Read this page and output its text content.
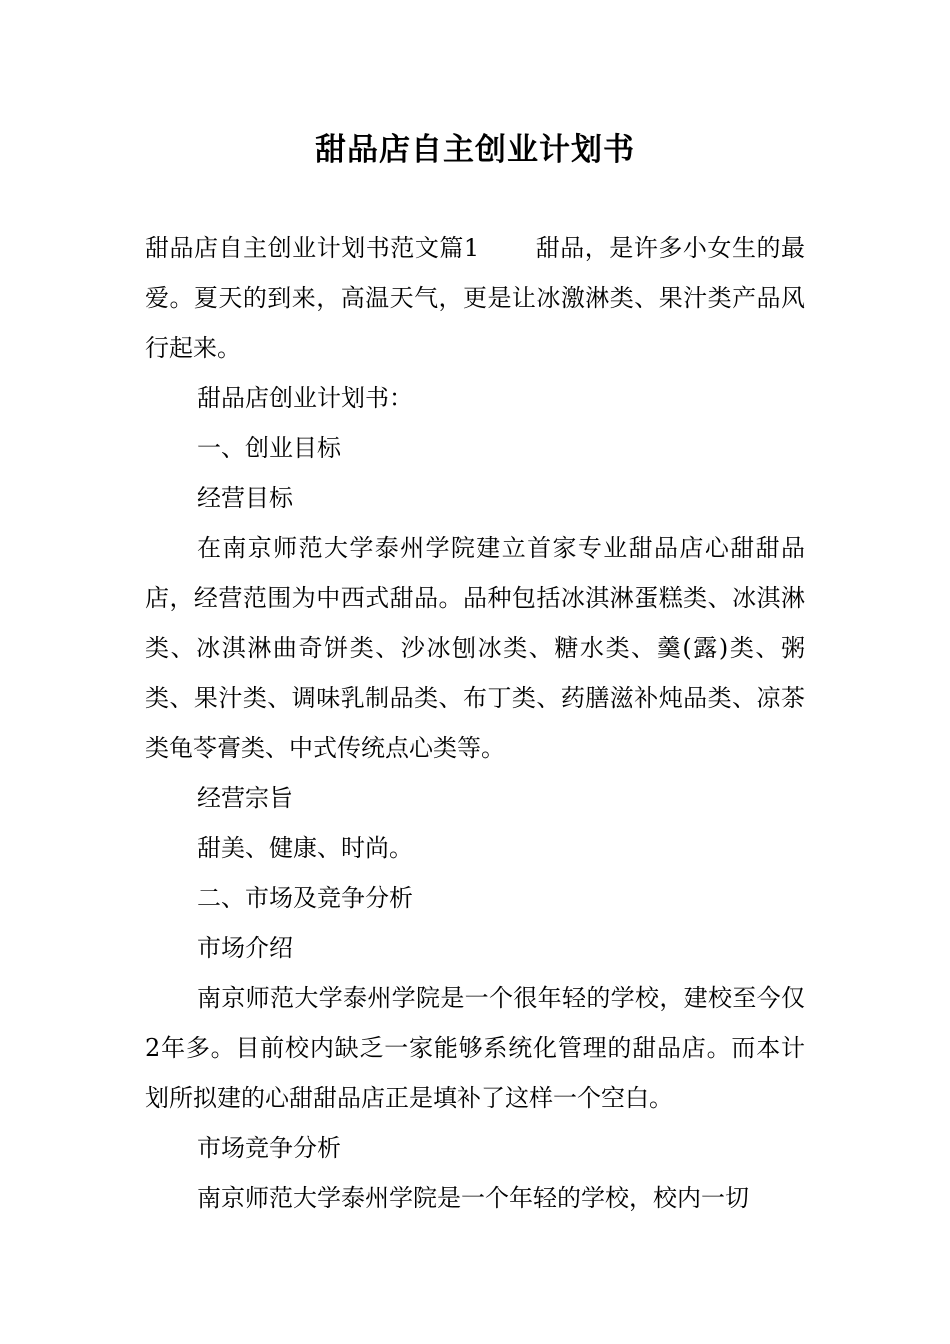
甜品店自主创业计划书

甜品店自主创业计划书范文篇1 甜品，是许多小女生的最爱。夏天的到来，高温天气，更是让冰激淋类、果汁类产品风行起来。

甜品店创业计划书：

一、创业目标

经营目标

在南京师范大学泰州学院建立首家专业甜品店心甜甜品店，经营范围为中西式甜品。品种包括冰淇淋蛋糕类、冰淇淋类、冰淇淋曲奇饼类、沙冰刨冰类、糖水类、羹(露)类、粥类、果汁类、调味乳制品类、布丁类、药膳滋补炖品类、凉茶类龟苓膏类、中式传统点心类等。

经营宗旨

甜美、健康、时尚。

二、市场及竞争分析

市场介绍

南京师范大学泰州学院是一个很年轻的学校，建校至今仅2年多。目前校内缺乏一家能够系统化管理的甜品店。而本计划所拟建的心甜甜品店正是填补了这样一个空白。

市场竞争分析

南京师范大学泰州学院是一个年轻的学校，校内一切
